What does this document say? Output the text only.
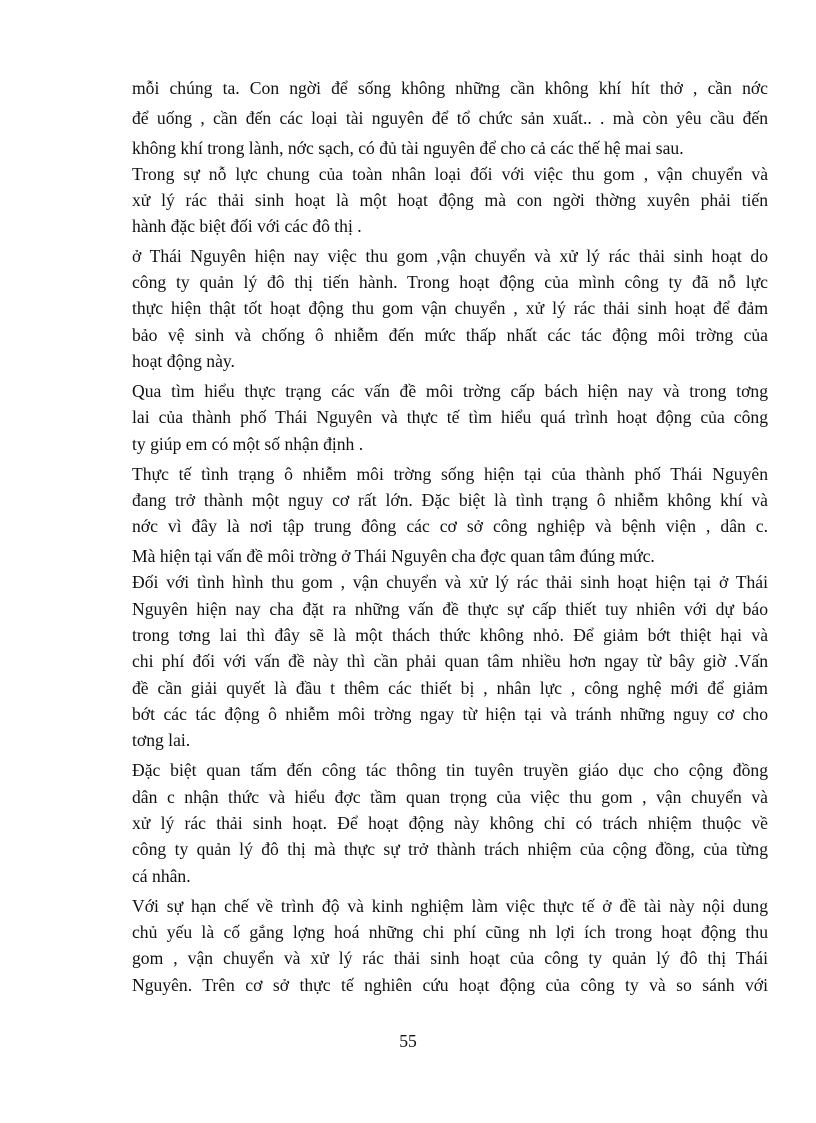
mỗi chúng ta. Con ngời để sống không những cần không khí hít thở , cần nớc
để uống , cần đến các loại tài nguyên để tổ chức sản xuất.. . mà còn yêu cầu đến
không khí trong lành, nớc sạch, có đủ tài nguyên để cho cả các thế hệ mai sau.
Trong sự nỗ lực chung của toàn nhân loại đối với việc thu gom , vận chuyển và
xử lý rác thải sinh hoạt là một hoạt động mà con ngời thờng xuyên phải tiến
hành đặc biệt đối với các đô thị .
ở Thái Nguyên hiện nay việc thu gom ,vận chuyển và xử lý rác thải sinh hoạt do
công ty quản lý đô thị tiến hành. Trong hoạt động của mình công ty đã nỗ lực
thực hiện thật tốt hoạt động thu gom vận chuyển , xử lý rác thải sinh hoạt để đảm
bảo vệ sinh và chống ô nhiễm đến mức thấp nhất các tác động môi trờng của
hoạt động này.
Qua tìm hiểu thực trạng các vấn đề môi trờng cấp bách hiện nay và trong tơng
lai của thành phố Thái Nguyên và thực tế tìm hiểu quá trình hoạt động của công
ty giúp em có một số nhận định .
Thực tế tình trạng ô nhiễm môi trờng sống hiện tại của thành phố Thái Nguyên
đang trở thành một nguy cơ rất lớn. Đặc biệt là tình trạng ô nhiễm không khí và
nớc vì đây là nơi tập trung đông các cơ sở công nghiệp và bệnh viện , dân c.
Mà hiện tại vấn đề môi trờng ở Thái Nguyên cha đợc quan tâm đúng mức.
Đối với tình hình thu gom , vận chuyển và xử lý rác thải sinh hoạt hiện tại ở Thái
Nguyên hiện nay cha đặt ra những vấn đề thực sự cấp thiết tuy nhiên với dự báo
trong tơng lai thì đây sẽ là một thách thức không nhỏ. Để giảm bớt thiệt hại và
chi phí đối với vấn đề này thì cần phải quan tâm nhiều hơn ngay từ bây giờ .Vấn
đề cần giải quyết là đầu t thêm các thiết bị , nhân lực , công nghệ mới để giảm
bớt các tác động ô nhiễm môi trờng ngay từ hiện tại và tránh những nguy cơ cho
tơng lai.
Đặc biệt quan tấm đến công tác thông tin tuyên truyền giáo dục cho cộng đồng
dân c nhận thức và hiểu đợc tầm quan trọng của việc thu gom , vận chuyển và
xử lý rác thải sinh hoạt. Để hoạt động này không chỉ có trách nhiệm thuộc về
công ty quản lý đô thị mà thực sự trở thành trách nhiệm của cộng đồng, của từng
cá nhân.
Với sự hạn chế về trình độ và kinh nghiệm làm việc thực tế ở đề tài này nội dung
chủ yếu là cố gắng lợng hoá những chi phí cũng nh lợi ích trong hoạt động thu
gom , vận chuyển và xử lý rác thải sinh hoạt của công ty quản lý đô thị Thái
Nguyên. Trên cơ sở thực tế nghiên cứu hoạt động của công ty và so sánh với
55
